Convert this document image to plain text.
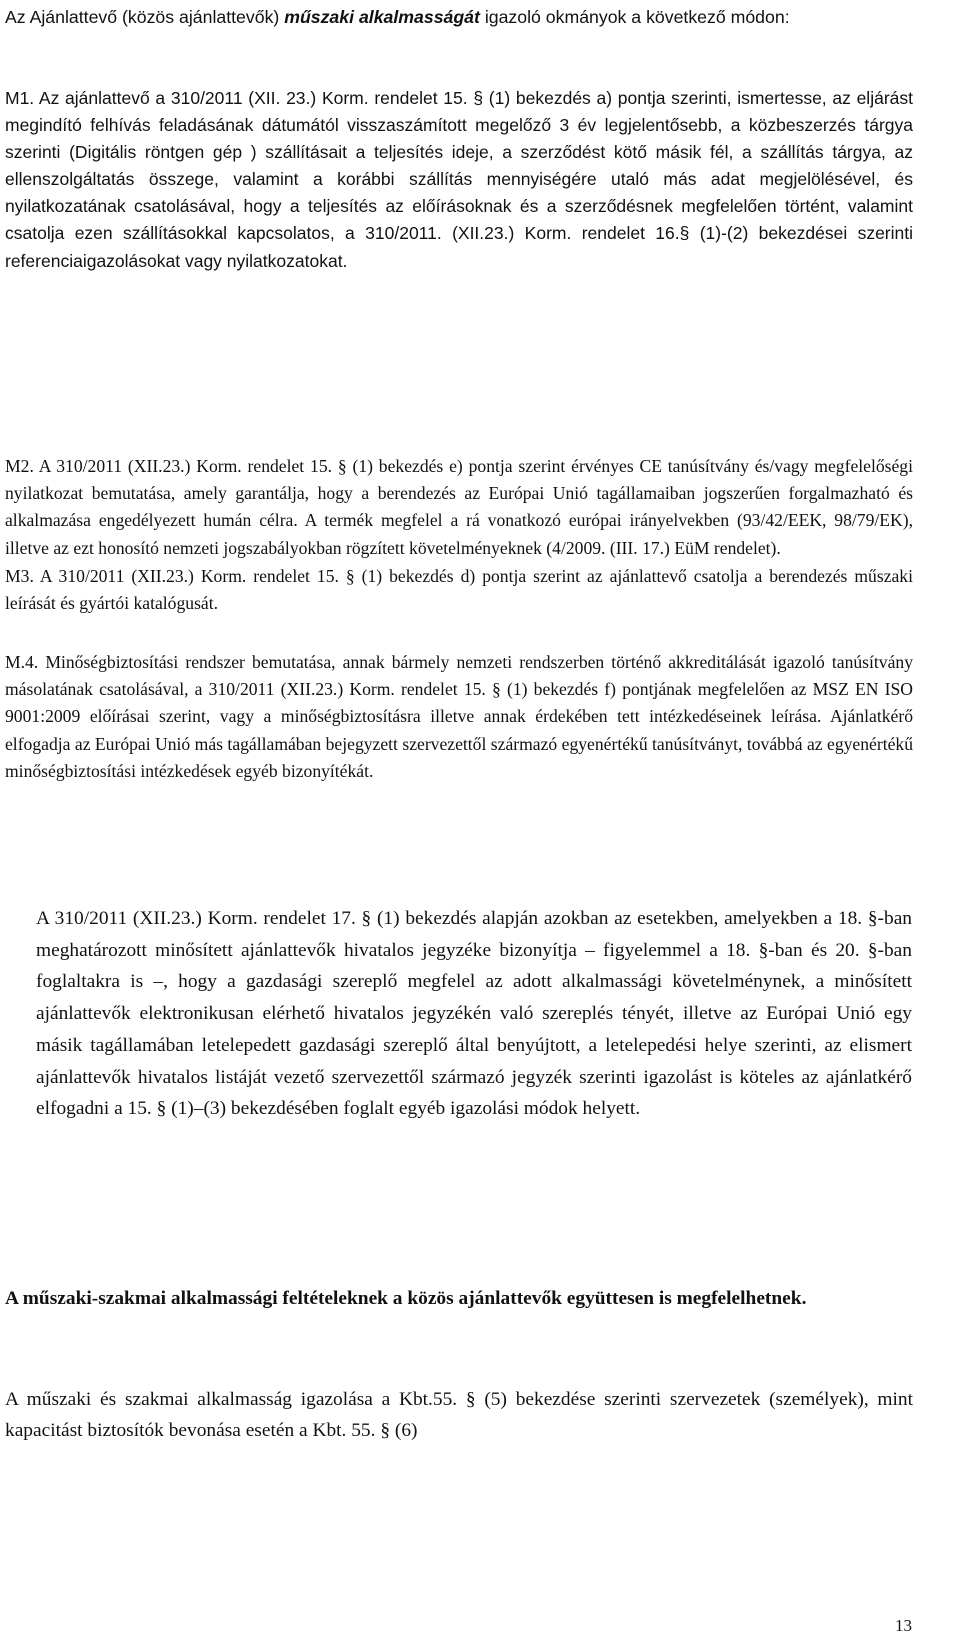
Az Ajánlattevő (közös ajánlattevők) műszaki alkalmasságát igazoló okmányok a következő módon:

M1. Az ajánlattevő a 310/2011 (XII. 23.) Korm. rendelet 15. § (1) bekezdés a) pontja szerinti, ismertesse, az eljárást megindító felhívás feladásának dátumától visszaszámított megelőző 3 év legjelentősebb, a közbeszerzés tárgya szerinti (Digitális röntgen gép ) szállításait a teljesítés ideje, a szerződést kötő másik fél, a szállítás tárgya, az ellenszolgáltatás összege, valamint a korábbi szállítás mennyiségére utaló más adat megjelölésével, és nyilatkozatának csatolásával, hogy a teljesítés az előírásoknak és a szerződésnek megfelelően történt, valamint csatolja ezen szállításokkal kapcsolatos, a 310/2011. (XII.23.) Korm. rendelet 16.§ (1)-(2) bekezdései szerinti referenciaigazolásokat vagy nyilatkozatokat.

M2. A 310/2011 (XII.23.) Korm. rendelet 15. § (1) bekezdés e) pontja szerint érvényes CE tanúsítvány és/vagy megfelelőségi nyilatkozat bemutatása, amely garantálja, hogy a berendezés az Európai Unió tagállamaiban jogszerűen forgalmazható és alkalmazása engedélyezett humán célra. A termék megfelel a rá vonatkozó európai irányelvekben (93/42/EEK, 98/79/EK), illetve az ezt honosító nemzeti jogszabályokban rögzített követelményeknek (4/2009. (III. 17.) EüM rendelet).

M3. A 310/2011 (XII.23.) Korm. rendelet 15. § (1) bekezdés d) pontja szerint az ajánlattevő csatolja a berendezés műszaki leírását és gyártói katalógusát.

M.4. Minőségbiztosítási rendszer bemutatása, annak bármely nemzeti rendszerben történő akkreditálását igazoló tanúsítvány másolatának csatolásával, a 310/2011 (XII.23.) Korm. rendelet 15. § (1) bekezdés f) pontjának megfelelően az MSZ EN ISO 9001:2009 előírásai szerint, vagy a minőségbiztosításra illetve annak érdekében tett intézkedéseinek leírása. Ajánlatkérő elfogadja az Európai Unió más tagállamában bejegyzett szervezettől származó egyenértékű tanúsítványt, továbbá az egyenértékű minőségbiztosítási intézkedések egyéb bizonyítékát.

A 310/2011 (XII.23.) Korm. rendelet 17. § (1) bekezdés alapján azokban az esetekben, amelyekben a 18. §-ban meghatározott minősített ajánlattevők hivatalos jegyzéke bizonyítja – figyelemmel a 18. §-ban és 20. §-ban foglaltakra is –, hogy a gazdasági szereplő megfelel az adott alkalmassági követelménynek, a minősített ajánlattevők elektronikusan elérhető hivatalos jegyzékén való szereplés tényét, illetve az Európai Unió egy másik tagállamában letelepedett gazdasági szereplő által benyújtott, a letelepedési helye szerinti, az elismert ajánlattevők hivatalos listáját vezető szervezettől származó jegyzék szerinti igazolást is köteles az ajánlatkérő elfogadni a 15. § (1)–(3) bekezdésében foglalt egyéb igazolási módok helyett.

A műszaki-szakmai alkalmassági feltételeknek a közös ajánlattevők együttesen is megfelelhetnek.

A műszaki és szakmai alkalmasság igazolása a Kbt.55. § (5) bekezdése szerinti szervezetek (személyek), mint kapacitást biztosítók bevonása esetén a Kbt. 55. § (6)

13
